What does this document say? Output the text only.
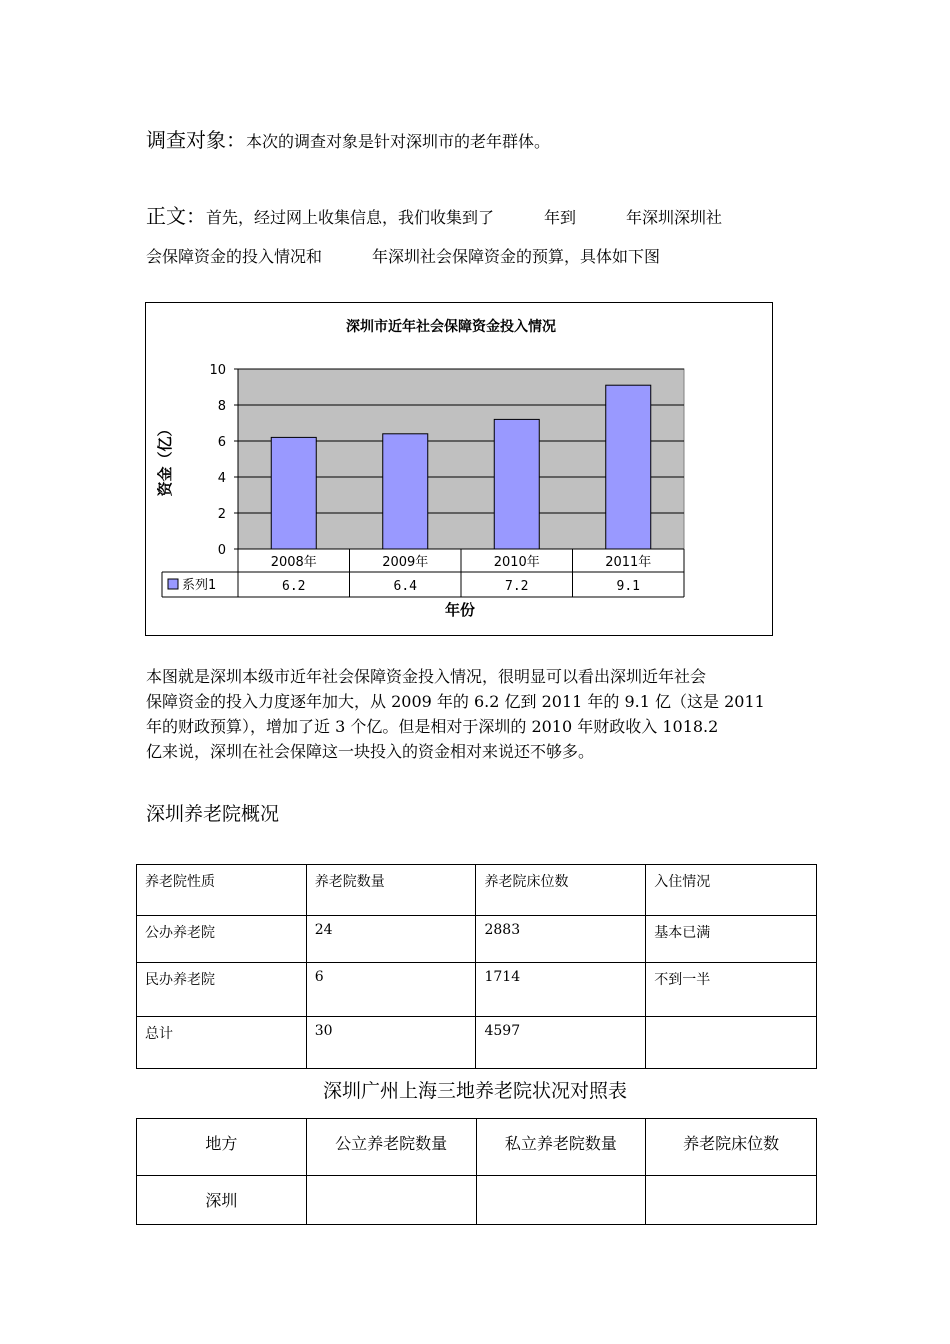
调查对象：本次的调查对象是针对深圳市的老年群体。
正文：首先，经过网上收集信息，我们收集到了	年到	年深圳深圳社
会保障资金的投入情况和	年深圳社会保障资金的预算，具体如下图
深圳市近年社会保障资金投入情况
0
2
4
6
8
10
资金（亿）
2008年
6.2
2009年
6.4
2010年
7.2
2011年
9.1
系列1
年份
本图就是深圳本级市近年社会保障资金投入情况，很明显可以看出深圳近年社会
保障资金的投入力度逐年加大，从 2009 年的 6.2 亿到 2011 年的 9.1 亿（这是 2011
年的财政预算），增加了近 3 个亿。但是相对于深圳的 2010 年财政收入 1018.2
亿来说，深圳在社会保障这一块投入的资金相对来说还不够多。
深圳养老院概况
养老院性质	养老院数量	养老院床位数	入住情况
公办养老院	24	2883	基本已满
民办养老院	6	1714	不到一半
总计	30	4597	
深圳广州上海三地养老院状况对照表
地方	公立养老院数量	私立养老院数量	养老院床位数
深圳			
